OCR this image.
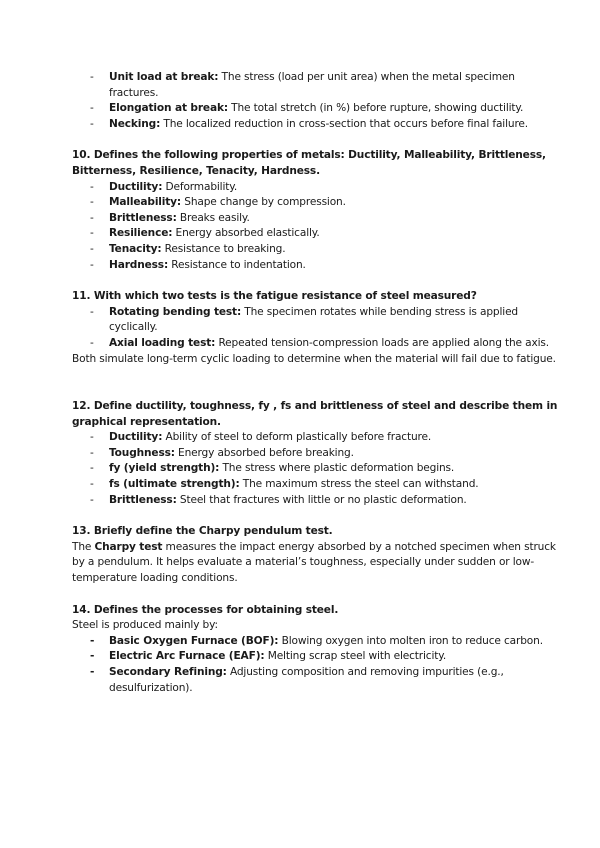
- Unit load at break: The stress (load per unit area) when the metal specimen fractures.
- Elongation at break: The total stretch (in %) before rupture, showing ductility.
- Necking: The localized reduction in cross-section that occurs before final failure.

10. Defines the following properties of metals: Ductility, Malleability, Brittleness, Bitterness, Resilience, Tenacity, Hardness.

- Ductility: Deformability.
- Malleability: Shape change by compression.
- Brittleness: Breaks easily.
- Resilience: Energy absorbed elastically.
- Tenacity: Resistance to breaking.
- Hardness: Resistance to indentation.

11. With which two tests is the fatigue resistance of steel measured?

- Rotating bending test: The specimen rotates while bending stress is applied cyclically.
- Axial loading test: Repeated tension-compression loads are applied along the axis.

Both simulate long-term cyclic loading to determine when the material will fail due to fatigue.

12. Define ductility, toughness, fy , fs and brittleness of steel and describe them in graphical representation.

- Ductility: Ability of steel to deform plastically before fracture.
- Toughness: Energy absorbed before breaking.
- fy (yield strength): The stress where plastic deformation begins.
- fs (ultimate strength): The maximum stress the steel can withstand.
- Brittleness: Steel that fractures with little or no plastic deformation.

13. Briefly define the Charpy pendulum test.

The Charpy test measures the impact energy absorbed by a notched specimen when struck by a pendulum. It helps evaluate a material’s toughness, especially under sudden or low-temperature loading conditions.

14. Defines the processes for obtaining steel.

Steel is produced mainly by:

- Basic Oxygen Furnace (BOF): Blowing oxygen into molten iron to reduce carbon.
- Electric Arc Furnace (EAF): Melting scrap steel with electricity.
- Secondary Refining: Adjusting composition and removing impurities (e.g., desulfurization).
